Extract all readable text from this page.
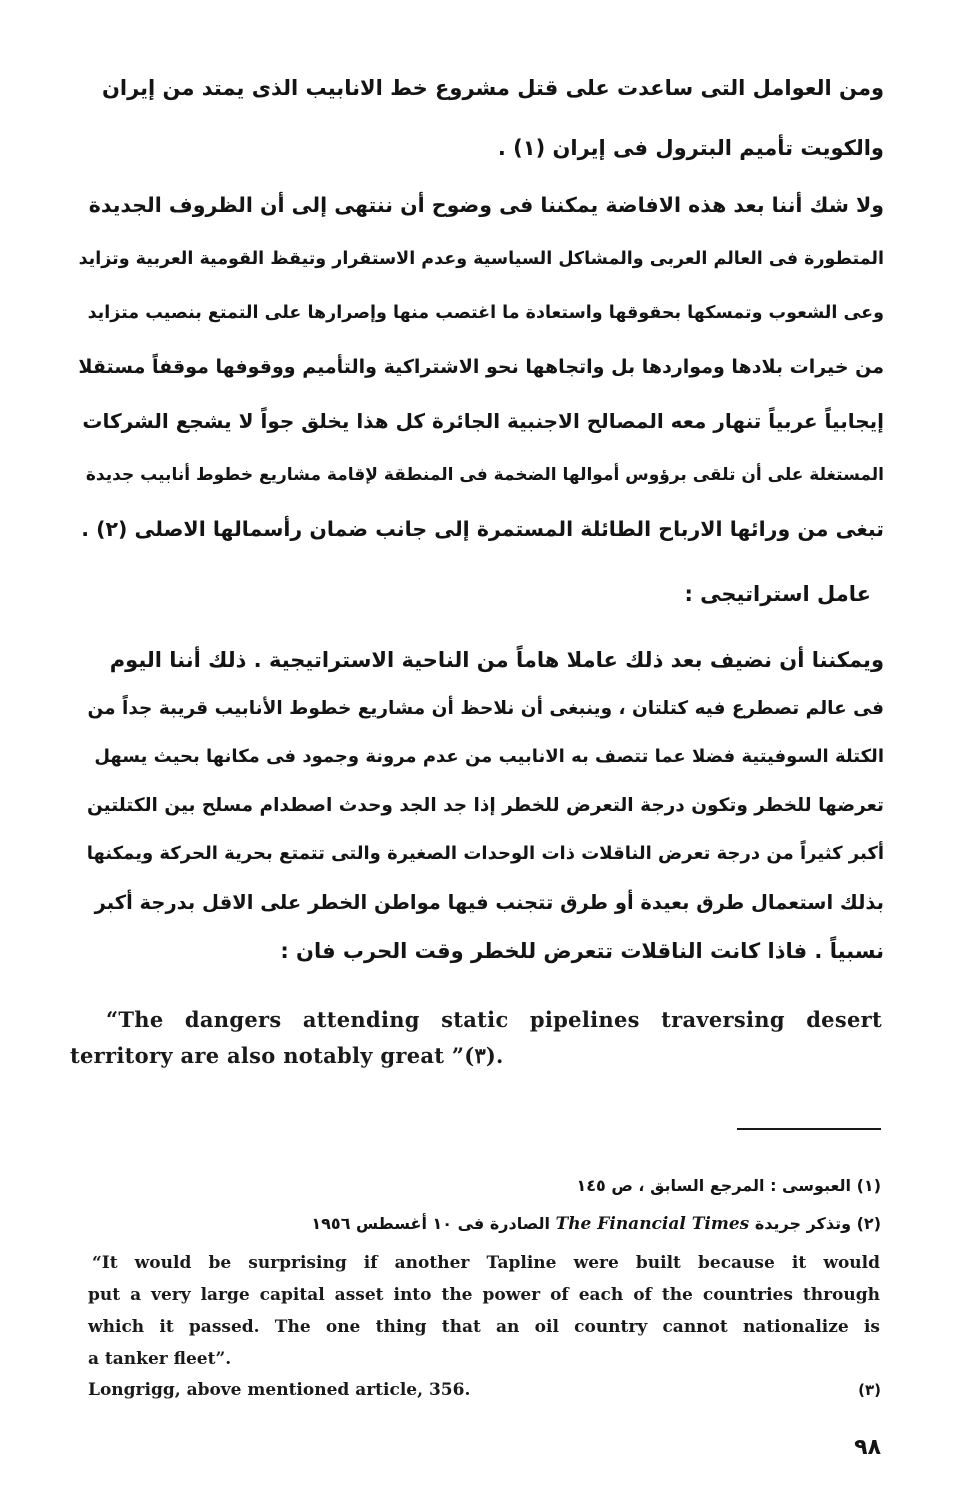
ومن العوامل التى ساعدت على قتل مشروع خط الانابيب الذى يمتد من إيران
والكويت تأميم البترول فى إيران (١) .
ولا شك أننا بعد هذه الافاضة يمكننا فى وضوح أن ننتهى إلى أن الظروف الجديدة
المتطورة فى العالم العربى والمشاكل السياسية وعدم الاستقرار وتيقظ القومية العربية وتزايد
وعى الشعوب وتمسكها بحقوقها واستعادة ما اغتصب منها وإصرارها على التمتع بنصيب متزايد
من خيرات بلادها ومواردها بل واتجاهها نحو الاشتراكية والتأميم ووقوفها موقفاً مستقلا
إيجابياً عربياً تنهار معه المصالح الاجنبية الجائرة كل هذا يخلق جواً لا يشجع الشركات
المستغلة على أن تلقى برؤوس أموالها الضخمة فى المنطقة لإقامة مشاريع خطوط أنابيب جديدة
تبغى من ورائها الارباح الطائلة المستمرة إلى جانب ضمان رأسمالها الاصلى (٢) .
عامل استراتيجى :
ويمكننا أن نضيف بعد ذلك عاملا هاماً من الناحية الاستراتيجية . ذلك أننا اليوم
فى عالم تصطرع فيه كتلتان ، وينبغى أن نلاحظ أن مشاريع خطوط الأنابيب قريبة جداً من
الكتلة السوفيتية فضلا عما تتصف به الانابيب من عدم مرونة وجمود فى مكانها بحيث يسهل
تعرضها للخطر وتكون درجة التعرض للخطر إذا جد الجد وحدث اصطدام مسلح بين الكتلتين
أكبر كثيراً من درجة تعرض الناقلات ذات الوحدات الصغيرة والتى تتمتع بحرية الحركة ويمكنها
بذلك استعمال طرق بعيدة أو طرق تتجنب فيها مواطن الخطر على الاقل بدرجة أكبر
نسبياً . فاذا كانت الناقلات تتعرض للخطر وقت الحرب فان :
“The dangers attending static pipelines traversing desert
territory are also notably great ”(٣).

(١) العبوسى : المرجع السابق ، ص ١٤٥

(٢) وتذكر جريدة The Financial Times الصادرة فى ١٠ أغسطس ١٩٥٦

“It would be surprising if another Tapline were built because it would
put a very large capital asset into the power of each of the countries through
which it passed. The one thing that an oil country cannot nationalize is
a tanker fleet”.
Longrigg, above mentioned article, 356.	(٣)

٩٨
